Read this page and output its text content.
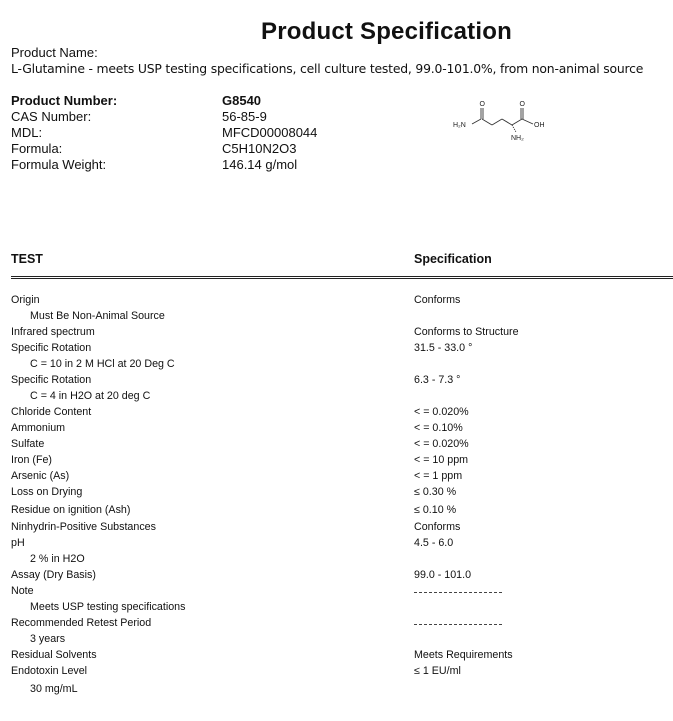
Product Specification
Product Name:
L-Glutamine - meets USP testing specifications, cell culture tested, 99.0-101.0%, from non-animal source
Product Number:	G8540
CAS Number:	56-85-9
MDL:	MFCD00008044
Formula:	C5H10N2O3
Formula Weight:	146.14 g/mol
H₂N
O	O
OH
NH₂
TEST	Specification
Origin	Conforms
Must Be Non-Animal Source
Infrared spectrum	Conforms to Structure
Specific Rotation	31.5 - 33.0 °
C = 10 in 2 M HCl at 20 Deg C
Specific Rotation	6.3 - 7.3 °
C = 4 in H2O at 20 deg C
Chloride Content	< = 0.020%
Ammonium	< = 0.10%
Sulfate	< = 0.020%
Iron (Fe)	< = 10 ppm
Arsenic (As)	< = 1 ppm
Loss on Drying	≤ 0.30 %
Residue on ignition (Ash)	≤ 0.10 %
Ninhydrin-Positive Substances	Conforms
pH	4.5 - 6.0
2 % in H2O
Assay (Dry Basis)	99.0 - 101.0
Note
Meets USP testing specifications
Recommended Retest Period
3 years
Residual Solvents	Meets Requirements
Endotoxin Level	≤ 1 EU/ml
30 mg/mL
